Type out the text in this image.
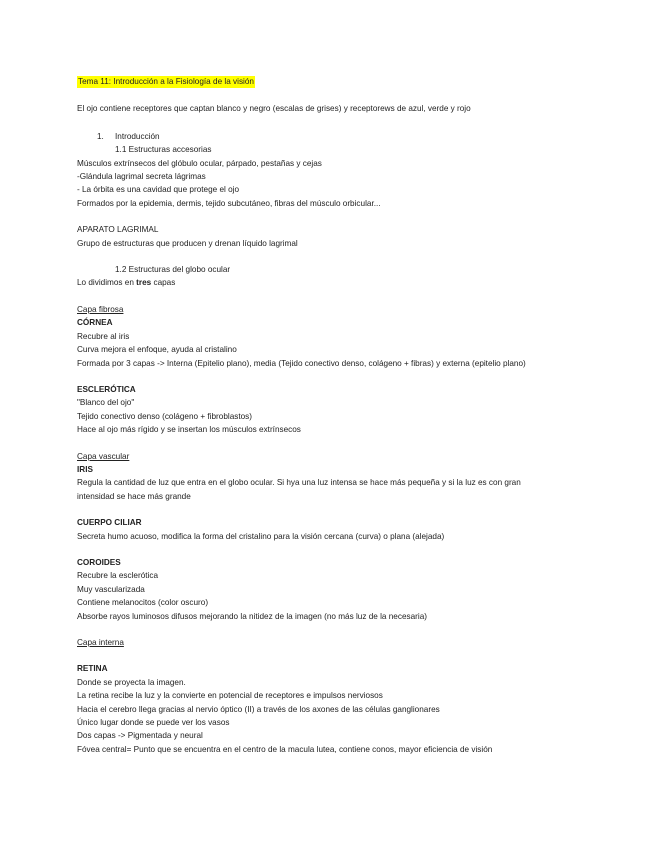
Tema 11: Introducción a la Fisiología de la visión
El ojo contiene receptores que captan blanco y negro (escalas de grises) y receptorews de azul, verde y rojo
1. Introducción
1.1 Estructuras accesorias
Músculos extrínsecos del glóbulo ocular, párpado, pestañas y cejas
-Glándula lagrimal secreta lágrimas
- La órbita es una cavidad que protege el ojo
Formados por la epidemia, dermis, tejido subcutáneo, fibras del músculo orbicular...
APARATO LAGRIMAL
Grupo de estructuras que producen y drenan líquido lagrimal
1.2 Estructuras del globo ocular
Lo dividimos en tres capas
Capa fibrosa
CÓRNEA
Recubre al iris
Curva mejora el enfoque, ayuda al cristalino
Formada por 3 capas -> Interna (Epitelio plano), media (Tejido conectivo denso, colágeno + fibras) y externa (epitelio plano)
ESCLERÓTICA
"Blanco del ojo"
Tejido conectivo denso (colágeno + fibroblastos)
Hace al ojo más rígido y se insertan los músculos extrínsecos
Capa vascular
IRIS
Regula la cantidad de luz que entra en el globo ocular. Si hya una luz intensa se hace más pequeña y si la luz es con gran intensidad se hace más grande
CUERPO CILIAR
Secreta humo acuoso, modifica la forma del cristalino para la visión cercana (curva) o plana (alejada)
COROIDES
Recubre la esclerótica
Muy vascularizada
Contiene melanocitos (color oscuro)
Absorbe rayos luminosos difusos mejorando la nitidez de la imagen (no más luz de la necesaria)
Capa interna
RETINA
Donde se proyecta la imagen.
La retina recibe la luz y la convierte en potencial de receptores e impulsos nerviosos
Hacia el cerebro llega gracias al nervio óptico (II) a través de los axones de las células ganglionares
Único lugar donde se puede ver los vasos
Dos capas -> Pigmentada y neural
Fóvea central= Punto que se encuentra en el centro de la macula lutea, contiene conos, mayor eficiencia de visión
